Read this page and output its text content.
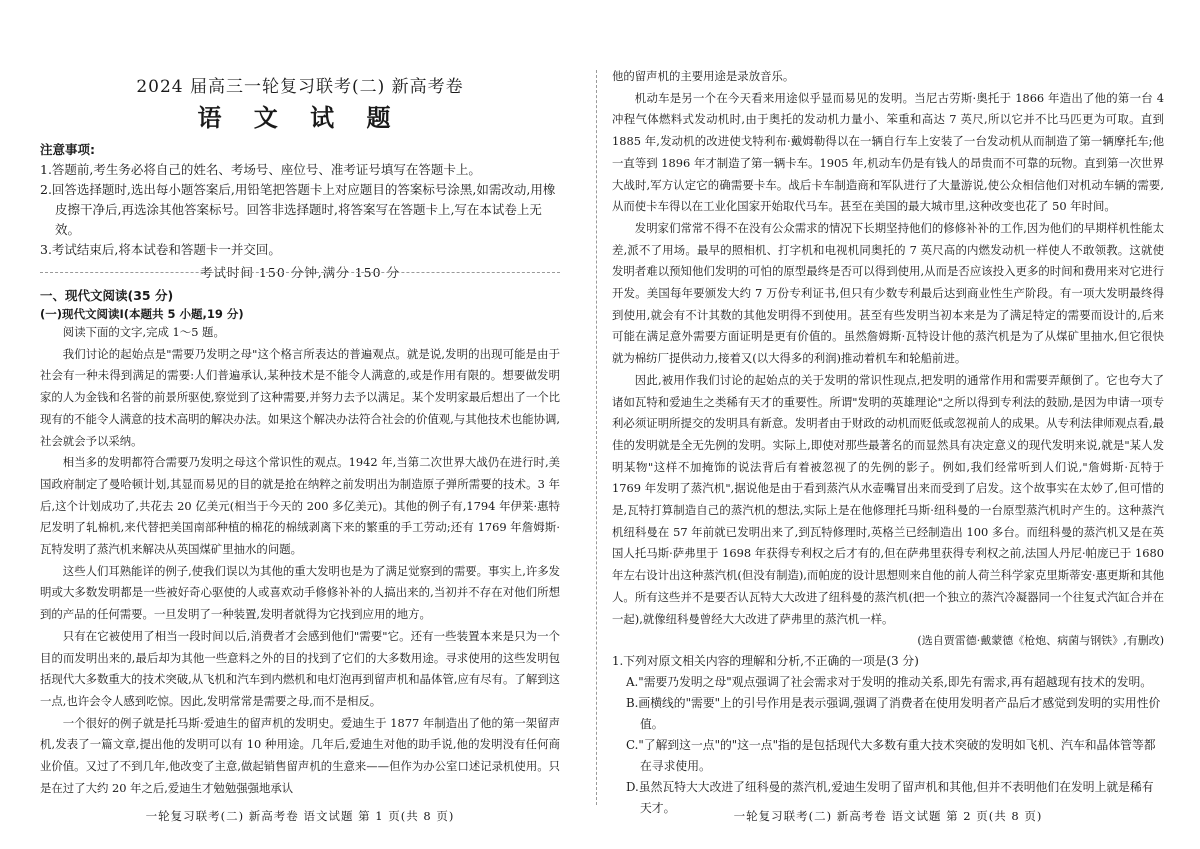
2024 届高三一轮复习联考(二) 新高考卷
语 文 试 题
注意事项:
1.答题前,考生务必将自己的姓名、考场号、座位号、准考证号填写在答题卡上。
2.回答选择题时,选出每小题答案后,用铅笔把答题卡上对应题目的答案标号涂黑,如需改动,用橡皮擦干净后,再选涂其他答案标号。回答非选择题时,将答案写在答题卡上,写在本试卷上无效。
3.考试结束后,将本试卷和答题卡一并交回。
考试时间 150 分钟,满分 150 分
一、现代文阅读(35 分)
(一)现代文阅读Ⅰ(本题共 5 小题,19 分)

阅读下面的文字,完成 1～5 题。

我们讨论的起始点是"需要乃发明之母"这个格言所表达的普遍观点。就是说,发明的出现可能是由于社会有一种未得到满足的需要:人们普遍承认,某种技术是不能令人满意的,或是作用有限的。想要做发明家的人为金钱和名誉的前景所驱使,察觉到了这种需要,并努力去予以满足。某个发明家最后想出了一个比现有的不能令人满意的技术高明的解决办法。如果这个解决办法符合社会的价值观,与其他技术也能协调,社会就会予以采纳。

相当多的发明都符合需要乃发明之母这个常识性的观点。1942 年,当第二次世界大战仍在进行时,美国政府制定了曼哈顿计划,其显而易见的目的就是抢在纳粹之前发明出为制造原子弹所需要的技术。3 年后,这个计划成功了,共花去 20 亿美元(相当于今天的 200 多亿美元)。其他的例子有,1794 年伊莱·惠特尼发明了轧棉机,来代替把美国南部种植的棉花的棉绒剥离下来的繁重的手工劳动;还有 1769 年詹姆斯·瓦特发明了蒸汽机来解决从英国煤矿里抽水的问题。

这些人们耳熟能详的例子,使我们误以为其他的重大发明也是为了满足觉察到的需要。事实上,许多发明或大多数发明都是一些被好奇心驱使的人或喜欢动手修修补补的人搞出来的,当初并不存在对他们所想到的产品的任何需要。一旦发明了一种装置,发明者就得为它找到应用的地方。

只有在它被使用了相当一段时间以后,消费者才会感到他们"需要"它。还有一些装置本来是只为一个目的而发明出来的,最后却为其他一些意料之外的目的找到了它们的大多数用途。寻求使用的这些发明包括现代大多数重大的技术突破,从飞机和汽车到内燃机和电灯泡再到留声机和晶体管,应有尽有。了解到这一点,也许会令人感到吃惊。因此,发明常常是需要之母,而不是相反。

一个很好的例子就是托马斯·爱迪生的留声机的发明史。爱迪生于 1877 年制造出了他的第一架留声机,发表了一篇文章,提出他的发明可以有 10 种用途。几年后,爱迪生对他的助手说,他的发明没有任何商业价值。又过了不到几年,他改变了主意,做起销售留声机的生意来——但作为办公室口述记录机使用。只是在过了大约 20 年之后,爱迪生才勉勉强强地承认

一轮复习联考(二) 新高考卷 语文试题 第 1 页(共 8 页)

他的留声机的主要用途是录放音乐。

机动车是另一个在今天看来用途似乎显而易见的发明。当尼古劳斯·奥托于 1866 年造出了他的第一台 4 冲程气体燃料式发动机时,由于奥托的发动机力量小、笨重和高达 7 英尺,所以它并不比马匹更为可取。直到 1885 年,发动机的改进使戈特利布·戴姆勒得以在一辆自行车上安装了一台发动机从而制造了第一辆摩托车;他一直等到 1896 年才制造了第一辆卡车。1905 年,机动车仍是有钱人的昂贵而不可靠的玩物。直到第一次世界大战时,军方认定它的确需要卡车。战后卡车制造商和军队进行了大量游说,使公众相信他们对机动车辆的需要,从而使卡车得以在工业化国家开始取代马车。甚至在美国的最大城市里,这种改变也花了 50 年时间。

发明家们常常不得不在没有公众需求的情况下长期坚持他们的修修补补的工作,因为他们的早期样机性能太差,派不了用场。最早的照相机、打字机和电视机同奥托的 7 英尺高的内燃发动机一样使人不敢领教。这就使发明者难以预知他们发明的可怕的原型最终是否可以得到使用,从而是否应该投入更多的时间和费用来对它进行开发。美国每年要颁发大约 7 万份专利证书,但只有少数专利最后达到商业性生产阶段。有一项大发明最终得到使用,就会有不计其数的其他发明得不到使用。甚至有些发明当初本来是为了满足特定的需要而设计的,后来可能在满足意外需要方面证明是更有价值的。虽然詹姆斯·瓦特设计他的蒸汽机是为了从煤矿里抽水,但它很快就为棉纺厂提供动力,接着又(以大得多的利润)推动着机车和轮船前进。

因此,被用作我们讨论的起始点的关于发明的常识性现点,把发明的通常作用和需要弄颠倒了。它也夸大了诸如瓦特和爱迪生之类稀有天才的重要性。所谓"发明的英雄理论"之所以得到专利法的鼓励,是因为申请一项专利必须证明所提交的发明具有新意。发明者由于财政的动机而贬低或忽视前人的成果。从专利法律师观点看,最佳的发明就是全无先例的发明。实际上,即使对那些最著名的而显然具有决定意义的现代发明来说,就是"某人发明某物"这样不加掩饰的说法背后有着被忽视了的先例的影子。例如,我们经常听到人们说,"詹姆斯·瓦特于 1769 年发明了蒸汽机",据说他是由于看到蒸汽从水壶嘴冒出来而受到了启发。这个故事实在太妙了,但可惜的是,瓦特打算制造自己的蒸汽机的想法,实际上是在他修理托马斯·纽科曼的一台原型蒸汽机时产生的。这种蒸汽机纽科曼在 57 年前就已发明出来了,到瓦特修理时,英格兰已经制造出 100 多台。而纽科曼的蒸汽机又是在英国人托马斯·萨弗里于 1698 年获得专利权之后才有的,但在萨弗里获得专利权之前,法国人丹尼·帕庞已于 1680 年左右设计出这种蒸汽机(但没有制造),而帕庞的设计思想则来自他的前人荷兰科学家克里斯蒂安·惠更斯和其他人。所有这些并不是要否认瓦特大大改进了纽科曼的蒸汽机(把一个独立的蒸汽冷凝器同一个往复式汽缸合并在一起),就像纽科曼曾经大大改进了萨弗里的蒸汽机一样。

(选自贾雷德·戴蒙德《枪炮、病菌与钢铁》,有删改)
1.下列对原文相关内容的理解和分析,不正确的一项是(3 分)
A."需要乃发明之母"观点强调了社会需求对于发明的推动关系,即先有需求,再有超越现有技术的发明。
B.画横线的"需要"上的引号作用是表示强调,强调了消费者在使用发明者产品后才感觉到发明的实用性价值。
C."了解到这一点"的"这一点"指的是包括现代大多数有重大技术突破的发明如飞机、汽车和晶体管等都在寻求使用。
D.虽然瓦特大大改进了纽科曼的蒸汽机,爱迪生发明了留声机和其他,但并不表明他们在发明上就是稀有天才。
一轮复习联考(二) 新高考卷 语文试题 第 2 页(共 8 页)
